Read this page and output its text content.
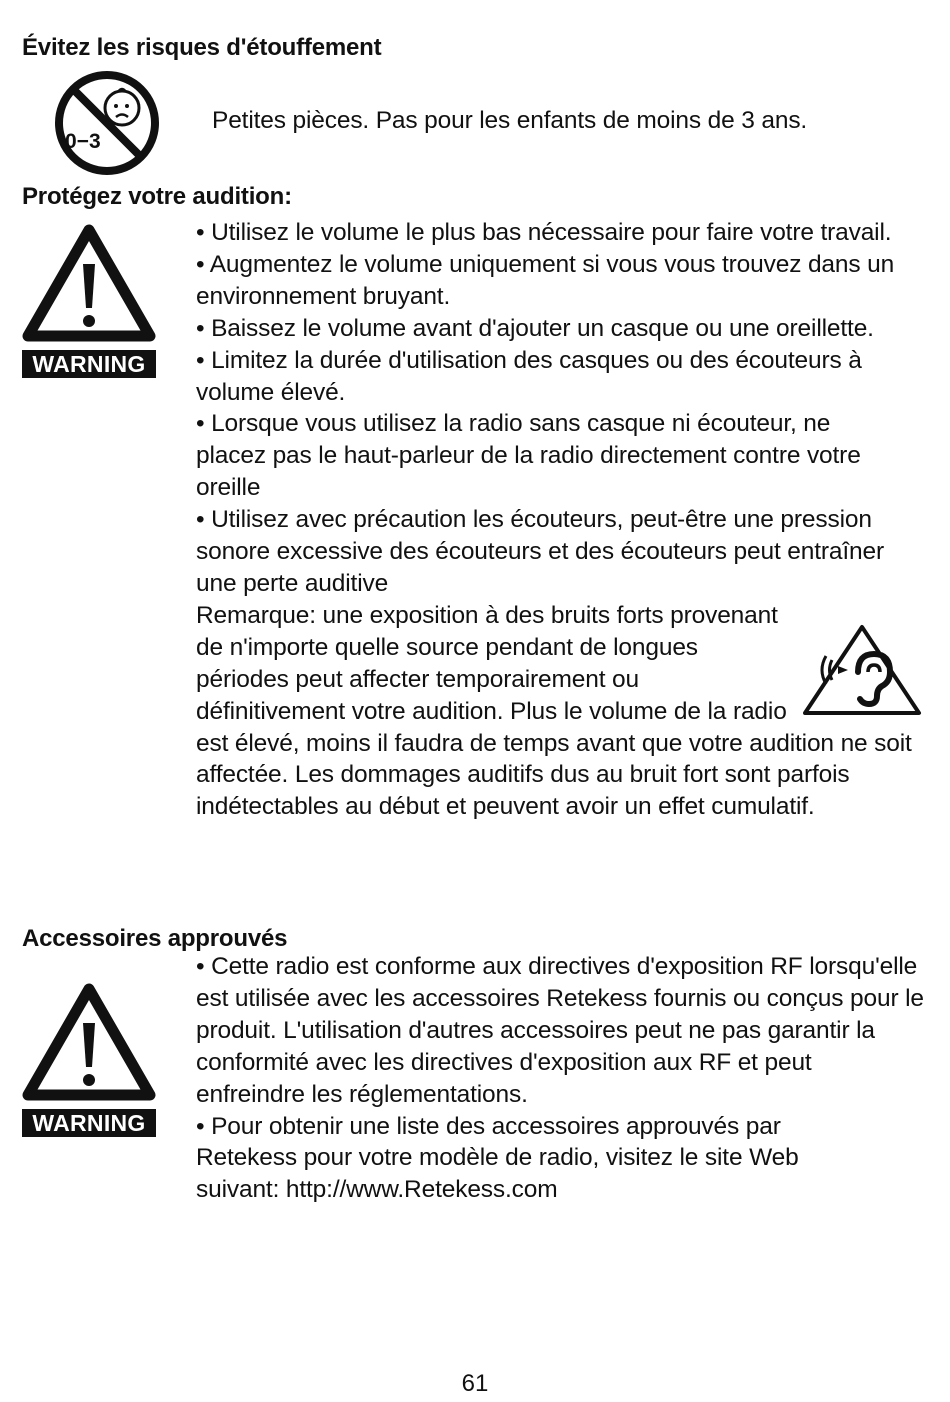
Évitez les risques d'étouffement
0−3

Petites pièces. Pas pour les enfants de moins de 3 ans.

Protégez votre audition:
WARNING

• Utilisez le volume le plus bas nécessaire pour faire votre travail.

• Augmentez le volume uniquement si vous vous trouvez dans un environnement bruyant.

• Baissez le volume avant d'ajouter un casque ou une oreillette.

• Limitez la durée d'utilisation des casques ou des écouteurs à volume élevé.

• Lorsque vous utilisez la radio sans casque ni écouteur, ne placez pas le haut-parleur de la radio directement contre votre oreille

• Utilisez avec précaution les écouteurs, peut-être une pression sonore excessive des écouteurs et des écouteurs peut entraîner une perte auditive

Remarque: une exposition à des bruits forts provenant de n'importe quelle source pendant de longues périodes peut affecter temporairement ou définitivement votre audition. Plus le volume de la radio est élevé, moins il faudra de temps avant que votre audition ne soit affectée. Les dommages auditifs dus au bruit fort sont parfois indétectables au début et peuvent avoir un effet cumulatif.

Accessoires approuvés
WARNING

• Cette radio est conforme aux directives d'exposition RF lorsqu'elle est utilisée avec les accessoires Retekess fournis ou conçus pour le produit. L'utilisation d'autres accessoires peut ne pas garantir la conformité avec les directives d'exposition aux RF et peut enfreindre les réglementations.

• Pour obtenir une liste des accessoires approuvés par Retekess pour votre modèle de radio, visitez le site Web suivant: http://www.Retekess.com

61
